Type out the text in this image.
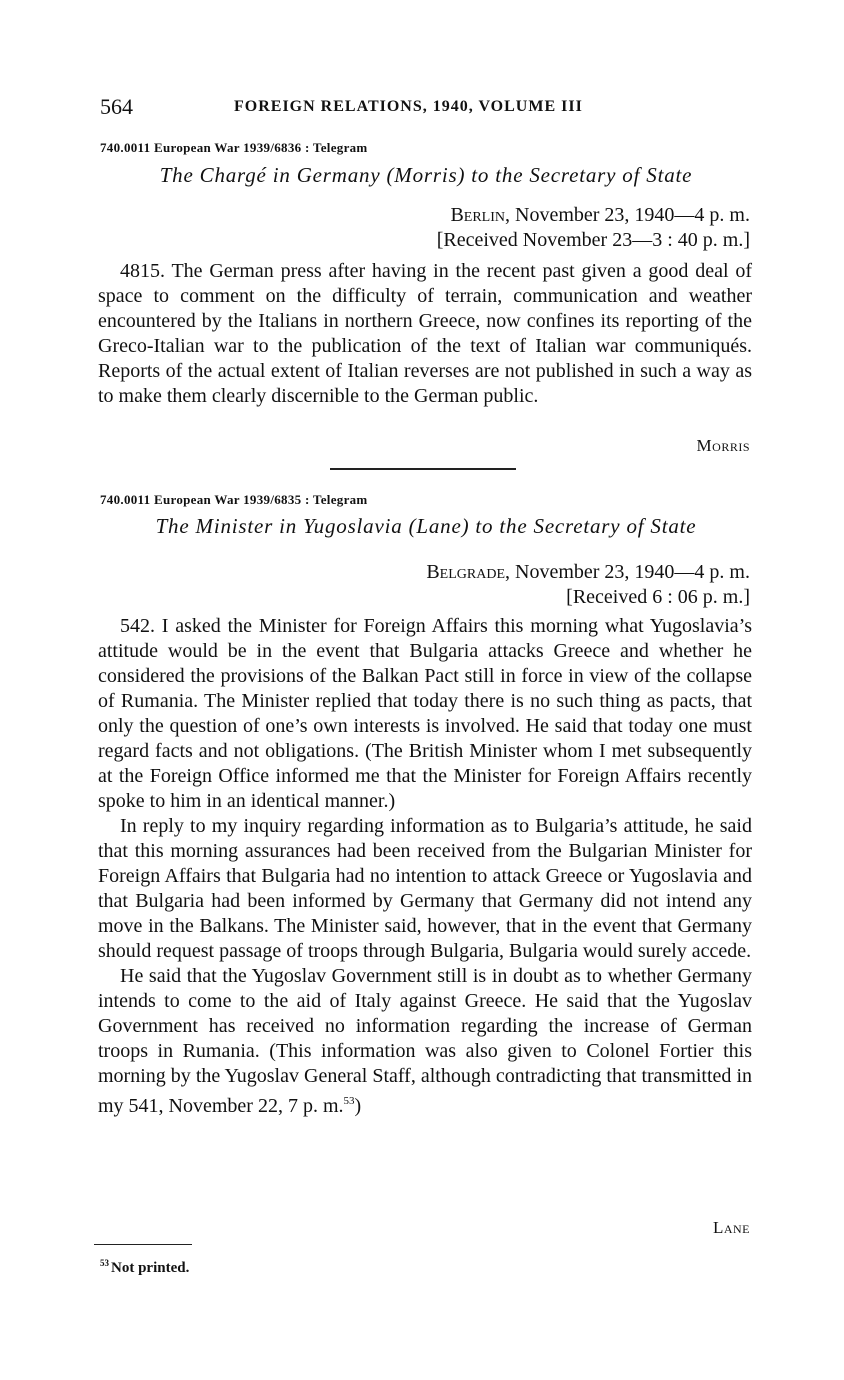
564	FOREIGN RELATIONS, 1940, VOLUME III
740.0011 European War 1939/6836 : Telegram
The Chargé in Germany (Morris) to the Secretary of State
Berlin, November 23, 1940—4 p. m.
[Received November 23—3 : 40 p. m.]

4815. The German press after having in the recent past given a good deal of space to comment on the difficulty of terrain, communication and weather encountered by the Italians in northern Greece, now confines its reporting of the Greco-Italian war to the publication of the text of Italian war communiqués. Reports of the actual extent of Italian reverses are not published in such a way as to make them clearly discernible to the German public.

Morris
740.0011 European War 1939/6835 : Telegram
The Minister in Yugoslavia (Lane) to the Secretary of State
Belgrade, November 23, 1940—4 p. m.
[Received 6 : 06 p. m.]

542. I asked the Minister for Foreign Affairs this morning what Yugoslavia’s attitude would be in the event that Bulgaria attacks Greece and whether he considered the provisions of the Balkan Pact still in force in view of the collapse of Rumania. The Minister replied that today there is no such thing as pacts, that only the question of one’s own interests is involved. He said that today one must regard facts and not obligations. (The British Minister whom I met subsequently at the Foreign Office informed me that the Minister for Foreign Affairs recently spoke to him in an identical manner.)

In reply to my inquiry regarding information as to Bulgaria’s attitude, he said that this morning assurances had been received from the Bulgarian Minister for Foreign Affairs that Bulgaria had no intention to attack Greece or Yugoslavia and that Bulgaria had been informed by Germany that Germany did not intend any move in the Balkans. The Minister said, however, that in the event that Germany should request passage of troops through Bulgaria, Bulgaria would surely accede.

He said that the Yugoslav Government still is in doubt as to whether Germany intends to come to the aid of Italy against Greece. He said that the Yugoslav Government has received no information regarding the increase of German troops in Rumania. (This information was also given to Colonel Fortier this morning by the Yugoslav General Staff, although contradicting that transmitted in my 541, November 22, 7 p. m.$^{53}$)

Lane
$^{53}$ Not printed.
